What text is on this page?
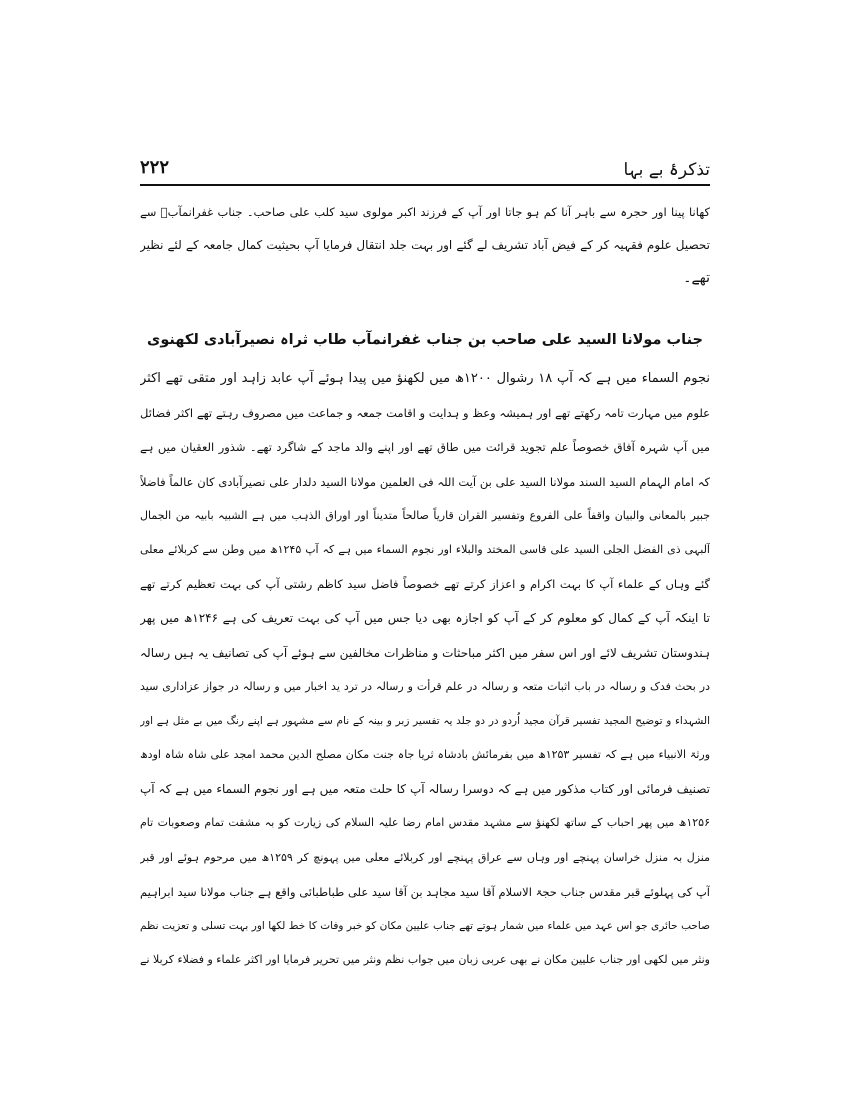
تذکرۂ بے بہا
۲۲۲
کھانا پینا اور حجرہ سے باہر آنا کم ہو جاتا اور آپ کے فرزند اکبر مولوی سید کلب علی صاحب۔ جناب غفرانمآبؒ سے
تحصیل علوم فقہیہ کر کے فیض آباد تشریف لے گئے اور بہت جلد انتقال فرمایا آپ بحیثیت کمال جامعہ کے لئے نظیر
تھے۔
جناب مولانا السید علی صاحب بن جناب غفرانمآب طاب ثراہ نصیرآبادی لکھنوی
نجوم السماء میں ہے کہ آپ ۱۸ رشوال ۱۲۰۰ھ میں لکھنؤ میں پیدا ہوئے آپ عابد زاہد اور متقی تھے اکثر
علوم میں مہارت تامہ رکھتے تھے اور ہمیشہ وعظ و ہدایت و اقامت جمعہ و جماعت میں مصروف رہتے تھے اکثر فضائل
میں آپ شہرہ آفاق خصوصاً علم تجوید قرائت میں طاق تھے اور اپنے والد ماجد کے شاگرد تھے۔ شذور العقیان میں ہے
کہ امام الہمام السید السند مولانا السید علی بن آیت اللہ فی العلمین مولانا السید دلدار علی نصیرآبادی کان عالماً فاضلاً
جبیر بالمعانی والبیان واقفاً علی الفروع وتفسیر القران قاریاً صالحاً متدیناً اور اوراق الذہب میں ہے الشبیہ بابیہ من الجمال
آلبہی ذی الفضل الجلی السید علی قاسی المختد والبلاء اور نجوم السماء میں ہے کہ آپ ۱۲۴۵ھ میں وطن سے کربلائے معلی
گئے وہاں کے علماء آپ کا بہت اکرام و اعزاز کرتے تھے خصوصاً فاضل سید کاظم رشتی آپ کی بہت تعظیم کرتے تھے
تا اینکہ آپ کے کمال کو معلوم کر کے آپ کو اجازہ بھی دیا جس میں آپ کی بہت تعریف کی ہے ۱۲۴۶ھ میں پھر
ہندوستان تشریف لائے اور اس سفر میں اکثر مباحثات و مناظرات مخالفین سے ہوئے آپ کی تصانیف یہ ہیں رسالہ
در بحث فدک و رسالہ در باب اثبات متعہ و رسالہ در علم قرأت و رسالہ در ترد ید اخبار میں و رسالہ در جواز عزاداری سید
الشہداء و توضیح المجید تفسیر قرآن مجید اُردو در دو جلد یہ تفسیر زبر و بینہ کے نام سے مشہور ہے اپنے رنگ میں بے مثل ہے اور
ورثۃ الانبیاء میں ہے کہ تفسیر ۱۲۵۳ھ میں بفرمائش بادشاہ ثریا جاہ جنت مکان مصلح الدین محمد امجد علی شاہ شاہ اودھ
تصنیف فرمائی اور کتاب مذکور میں ہے کہ دوسرا رسالہ آپ کا حلت متعہ میں ہے اور نجوم السماء میں ہے کہ آپ
۱۲۵۶ھ میں پھر احباب کے ساتھ لکھنؤ سے مشہد مقدس امام رضا علیہ السلام کی زیارت کو بہ مشقت تمام وصعوبات تام
منزل بہ منزل خراسان پہنچے اور وہاں سے عراق پہنچے اور کربلائے معلی میں پہونچ کر ۱۲۵۹ھ میں مرحوم ہوئے اور قبر
آپ کی پہلوئے قبر مقدس جناب حجۃ الاسلام آقا سید مجاہد بن آقا سید علی طباطبائی واقع ہے جناب مولانا سید ابراہیم
صاحب حائری جو اس عہد میں علماء میں شمار ہوتے تھے جناب علیین مکان کو خبر وفات کا خط لکھا اور بہت تسلی و تعزیت نظم
ونثر میں لکھی اور جناب علیین مکان نے بھی عربی زبان میں جواب نظم ونثر میں تحریر فرمایا اور اکثر علماء و فضلاء کربلا نے
